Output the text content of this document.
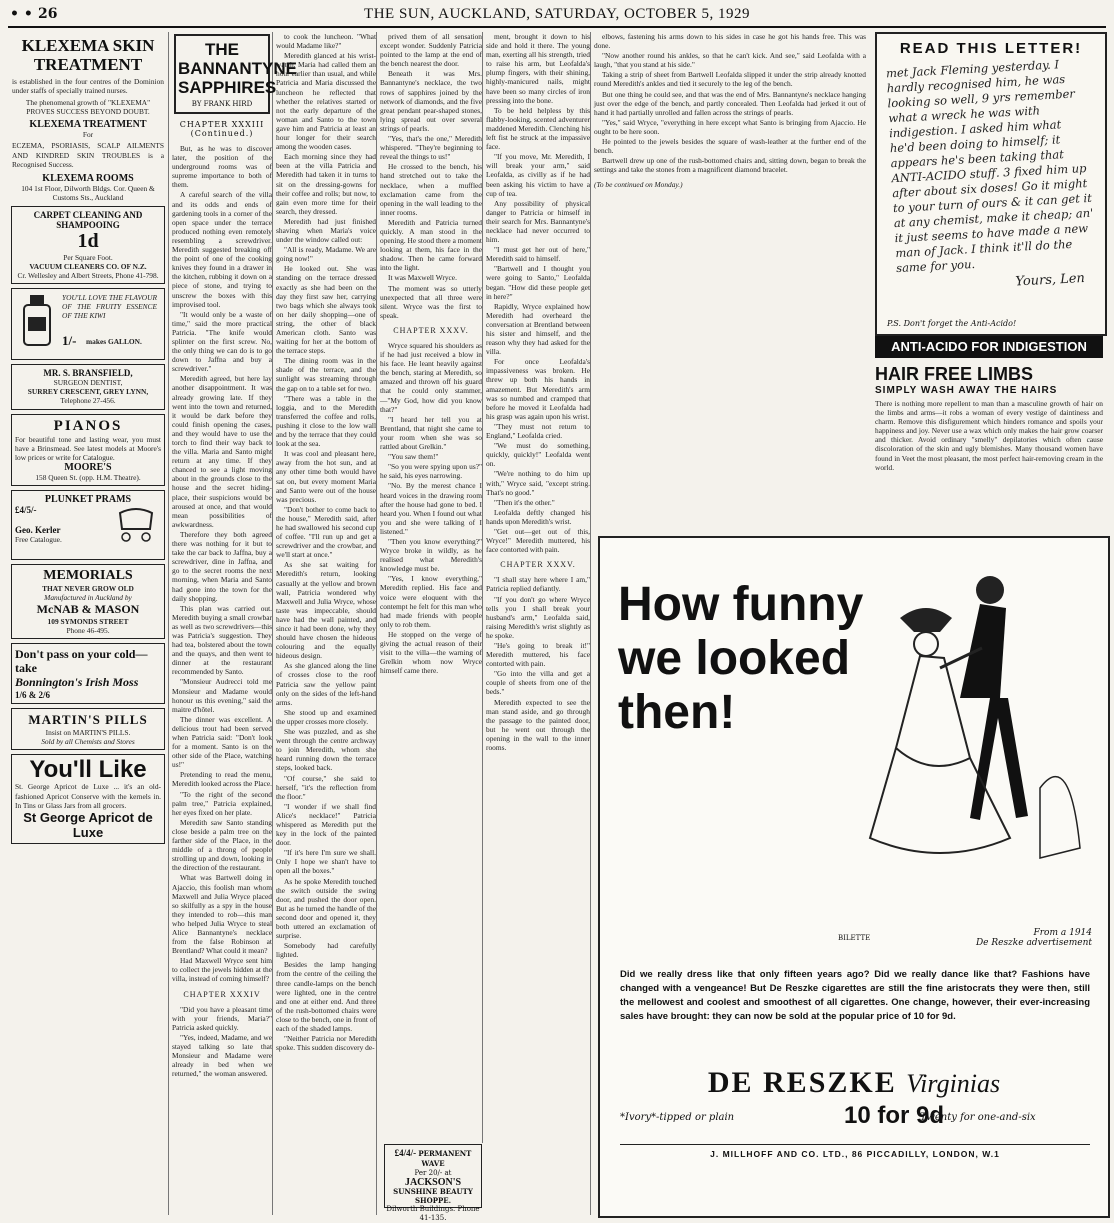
• • 26	THE SUN, AUCKLAND, SATURDAY, OCTOBER 5, 1929
KLEXEMA SKIN TREATMENT
is established in the four centres of the Dominion under staffs of specially trained nurses.
The phenomenal growth of "KLEXEMA" PROVES SUCCESS BEYOND DOUBT.
KLEXEMA TREATMENT
For
ECZEMA, PSORIASIS, SCALP AILMENTS AND KINDRED SKIN TROUBLES is a Recognised Success.
KLEXEMA ROOMS
104 1st Floor, Dilworth Bldgs. Cor. Queen & Customs Sts., Auckland
CARPET CLEANING AND SHAMPOOING
1d
Per Square Foot.
VACUUM CLEANERS CO. OF N.Z.
Cr. Wellesley and Albert Streets, Phone 41-798.
YOU'LL LOVE THE FLAVOUR OF THE FRUITY ESSENCE OF THE KIWI
1/- makes GALLON.
MR. S. BRANSFIELD,
SURGEON DENTIST,
SURREY CRESCENT, GREY LYNN,
Telephone 27-456.
PIANOS
For beautiful tone and lasting wear, you must have a Brinsmead. See latest models at Moore's low prices or write for Catalogue.
MOORE'S
158 Queen St. (opp. H.M. Theatre).
PLUNKET PRAMS
£4/5/-
Geo. Kerler
Free Catalogue.
MEMORIALS
THAT NEVER GROW OLD
Manufactured in Auckland by
McNAB & MASON
109 SYMONDS STREET
Phone 46-495.
Don't pass on your cold—take
Bonnington's Irish Moss
1/6 & 2/6
MARTIN'S PILLS
Insist on MARTIN'S PILLS.
Sold by all Chemists and Stores
You'll Like
St. George Apricot de Luxe ... it's an old-fashioned Apricot Conserve with the kernels in. In Tins or Glass Jars from all grocers.
St George Apricot de Luxe
THE BANNANTYNE SAPPHIRES
BY FRANK HIRD
CHAPTER XXXIII (Continued.)

But, as he was to discover later, the position of the underground rooms was of supreme importance to both of them.

A careful search of the villa and its odds and ends of gardening tools in a corner of the open space under the terrace produced nothing even remotely resembling a screwdriver. Meredith suggested breaking off the point of one of the cooking knives they found in a drawer in the kitchen, rubbing it down on a piece of stone, and trying to unscrew the boxes with this improvised tool.

"It would only be a waste of time," said the more practical Patricia. "The knife would splinter on the first screw. No, the only thing we can do is to go down to Jaffna and buy a screwdriver."

Meredith agreed, but here lay another disappointment. It was already growing late. If they went into the town and returned, it would be dark before they could finish opening the cases, and they would have to use the torch to find their way back to the villa. Maria and Santo might return at any time. If they chanced to see a light moving about in the grounds close to the house and the secret hiding-place, their suspicions would be aroused at once, and that would mean possibilities of awkwardness.

Therefore they both agreed there was nothing for it but to take the car back to Jaffna, buy a screwdriver, dine in Jaffna, and go to the secret rooms the next morning, when Maria and Santo had gone into the town for the daily shopping.

This plan was carried out. Meredith buying a small crowbar as well as two screwdrivers—this was Patricia's suggestion. They had tea, bolstered about the town and the quays, and then went to dinner at the restaurant recommended by Santo.

"Monsieur Audrecci told me Monsieur and Madame would honour us this evening," said the maitre d'hôtel.

The dinner was excellent. A delicious trout had been served when Patricia said: "Don't look for a moment. Santo is on the other side of the Place, watching us!"

Pretending to read the menu, Meredith looked across the Place.

"To the right of the second palm tree," Patricia explained, her eyes fixed on her plate.

Meredith saw Santo standing close beside a palm tree on the farther side of the Place, in the middle of a throng of people strolling up and down, looking in the direction of the restaurant.

What was Bartwell doing in Ajaccio, this foolish man whom Maxwell and Julia Wryce placed so skilfully as a spy in the house they intended to rob—this man who helped Julia Wryce to steal Alice Bannantyne's necklace from the false Robinson at Brentland? What could it mean?

Had Maxwell Wryce sent him to collect the jewels hidden at the villa, instead of coming himself?

CHAPTER XXXIV

"Did you have a pleasant time with your friends, Maria?" Patricia asked quickly.

"Yes, indeed, Madame, and we stayed talking so late that Monsieur and Madame were already in bed when we returned," the woman answered.

to cook the luncheon. "What would Madame like?"

Meredith glanced at his wrist-watch. Maria had called them an hour earlier than usual, and while Patricia and Maria discussed the luncheon he reflected that whether the relatives started or not the early departure of the woman and Santo to the town gave him and Patricia at least an hour longer for their search among the wooden cases.

Each morning since they had been at the villa Patricia and Meredith had taken it in turns to sit on the dressing-gowns for their coffee and rolls; but now, to gain even more time for their search, they dressed.

Meredith had just finished shaving when Maria's voice under the window called out:

"All is ready, Madame. We are going now!"

He looked out. She was standing on the terrace dressed exactly as she had been on the day they first saw her, carrying two bags which she always took on her daily shopping—one of string, the other of black American cloth. Santo was waiting for her at the bottom of the terrace steps.

The dining room was in the shade of the terrace, and the sunlight was streaming through the gap on to a table set for two.

"There was a table in the loggia, and to the Meredith transferred the coffee and rolls, pushing it close to the low wall and by the terrace that they could look at the sea.

It was cool and pleasant here, away from the hot sun, and at any other time both would have sat on, but every moment Maria and Santo were out of the house was precious.

"Don't bother to come back to the house," Meredith said, after he had swallowed his second cup of coffee. "I'll run up and get a screwdriver and the crowbar, and we'll start at once."

As she sat waiting for Meredith's return, looking casually at the yellow and brown wall, Patricia wondered why Maxwell and Julia Wryce, whose taste was impeccable, should have had the wall painted, and since it had been done, why they should have chosen the hideous colouring and the equally hideous design.

As she glanced along the line of crosses close to the roof Patricia saw the yellow paint only on the sides of the left-hand arms.

She stood up and examined the upper crosses more closely.

She was puzzled, and as she went through the centre archway to join Meredith, whom she heard running down the terrace steps, looked back.

"Of course," she said to herself, "it's the reflection from the floor."

"I wonder if we shall find Alice's necklace!" Patricia whispered as Meredith put the key in the lock of the painted door.

"If it's here I'm sure we shall. Only I hope we shan't have to open all the boxes."

As he spoke Meredith touched the switch outside the swing door, and pushed the door open. But as he turned the handle of the second door and opened it, they both uttered an exclamation of surprise.

Somebody had carefully lighted.

Besides the lamp hanging from the centre of the ceiling the three candle-lamps on the bench were lighted, one in the centre and one at either end. And three of the rush-bottomed chairs were close to the bench, one in front of each of the shaded lamps.

"Neither Patricia nor Meredith spoke. This sudden discovery de-

prived them of all sensation except wonder. Suddenly Patricia pointed to the lamp at the end of the bench nearest the door.

Beneath it was Mrs. Bannantyne's necklace, the two rows of sapphires joined by the network of diamonds, and the five great pendant pear-shaped stones, lying spread out over several strings of pearls.

"Yes, that's the one," Meredith whispered. "They're beginning to reveal the things to us!"

He crossed to the bench, his hand stretched out to take the necklace, when a muffled exclamation came from the opening in the wall leading to the inner rooms.

Meredith and Patricia turned quickly. A man stood in the opening. He stood there a moment looking at them, his face in the shadow. Then he came forward into the light.

It was Maxwell Wryce.

The moment was so utterly unexpected that all three were silent. Wryce was the first to speak.

CHAPTER XXXV.

Wryce squared his shoulders as if he had just received a blow in his face. He leant heavily against the bench, staring at Meredith, so amazed and thrown off his guard that he could only stammer,—"My God, how did you know that?"

"I heard her tell you at Brentland, that night she came to your room when she was so rattled about Grelkin."

"You saw them!"

"So you were spying upon us?" he said, his eyes narrowing.

"No. By the merest chance I heard voices in the drawing room after the house had gone to bed. I heard you. When I found out what you and she were talking of I listened."

"Then you know everything?" Wryce broke in wildly, as he realised what Meredith's knowledge must be.

"Yes, I know everything," Meredith replied. His face and voice were eloquent with the contempt he felt for this man who had made friends with people only to rob them.

He stopped on the verge of giving the actual reason of their visit to the villa—the warning of Grelkin whom now Wryce himself came there.

£4/4/- PERMANENT WAVE
Per 20/- at
JACKSON'S
SUNSHINE BEAUTY SHOPPE.
Dilworth Buildings. Phone 41-135.

ment, brought it down to his side and hold it there. The young man, exerting all his strength, tried to raise his arm, but Leofalda's plump fingers, with their shining, highly-manicured nails, might have been so many circles of iron pressing into the bone.

To be held helpless by this flabby-looking, scented adventurer maddened Meredith. Clenching his left fist he struck at the impassive face.

"If you move, Mr. Meredith, I will break your arm," said Leofalda, as civilly as if he had been asking his victim to have a cup of tea.

Any possibility of physical danger to Patricia or himself in their search for Mrs. Bannantyne's necklace had never occurred to him.

"I must get her out of here," Meredith said to himself.

"Bartwell and I thought you were going to Santo," Leofalda began. "How did these people get in here?"

Rapidly, Wryce explained how Meredith had overheard the conversation at Brentland between his sister and himself, and the reason why they had asked for the villa.

For once Leofalda's impassiveness was broken. He threw up both his hands in amazement. But Meredith's arm was so numbed and cramped that before he moved it Leofalda had his grasp was again upon his wrist.

"They must not return to England," Leofalda cried.

"We must do something, quickly, quickly!" Leofalda went on.

"We're nothing to do him up with," Wryce said, "except string. That's no good."

"Then it's the other."

Leofalda deftly changed his hands upon Meredith's wrist.

"Get out—get out of this, Wryce!" Meredith muttered, his face contorted with pain.

CHAPTER XXXV.

"I shall stay here where I am," Patricia replied defiantly.

"If you don't go where Wryce tells you I shall break your husband's arm," Leofalda said, raising Meredith's wrist slightly as he spoke.

"He's going to break it!" Meredith muttered, his face contorted with pain.

"Go into the villa and get a couple of sheets from one of the beds."

Meredith expected to see the man stand aside, and go through the passage to the painted door, but he went out through the opening in the wall to the inner rooms.

elbows, fastening his arms down to his sides in case he got his hands free. This was done.

"Now another round his ankles, so that he can't kick. And see," said Leofalda with a laugh, "that you stand at his side."

Taking a strip of sheet from Bartwell Leofalda slipped it under the strip already knotted round Meredith's ankles and tied it securely to the leg of the bench.

But one thing he could see, and that was the end of Mrs. Bannantyne's necklace hanging just over the edge of the bench, and partly concealed. Then Leofalda had jerked it out of hand it had partially unrolled and fallen across the strings of pearls.

"Yes," said Wryce, "everything in here except what Santo is bringing from Ajaccio. He ought to be here soon.

He pointed to the jewels besides the square of wash-leather at the further end of the bench.

Bartwell drew up one of the rush-bottomed chairs and, sitting down, began to break the settings and take the stones from a magnificent diamond bracelet.

(To be continued on Monday.)

READ THIS LETTER!
met Jack Fleming yesterday. I hardly recognised him, he was looking so well, 9 yrs remember what a wreck he was with indigestion. I asked him what he'd been doing to himself; it appears he's been taking that ANTI-ACIDO stuff. 3 fixed him up after about six doses! Go it might to your turn of ours & it can get it at any chemist, make it cheap; an' it just seems to have made a new man of Jack. I think it'll do the same for you.
Yours, Len
P.S. Don't forget the Anti-Acido!
ANTI-ACIDO FOR INDIGESTION
HAIR FREE LIMBS
SIMPLY WASH AWAY THE HAIRS
There is nothing more repellent to man than a masculine growth of hair on the limbs and arms—it robs a woman of every vestige of daintiness and charm. Remove this disfigurement which hinders romance and spoils your happiness and joy. Never use a wax which only makes the hair grow coarser and thicker. Avoid ordinary "smelly" depilatories which often cause discoloration of the skin and ugly blemishes. Many thousand women have found in Veet the most pleasant, the most perfect hair-removing cream in the world.
How funny
we looked
then!
BILETTE	From a 1914
De Reszke advertisement
Did we really dress like that only fifteen years ago? Did we really dance like that? Fashions have changed with a vengeance! But De Reszke cigarettes are still the fine aristocrats they were then, still the mellowest and coolest and smoothest of all cigarettes. One change, however, their ever-increasing sales have brought: they can now be sold at the popular price of 10 for 9d.
DE RESZKE Virginias
*Ivory*-tipped or plain	10 for 9d
Twenty for one-and-six
J. MILLHOFF AND CO. LTD., 86 PICCADILLY, LONDON, W.1
